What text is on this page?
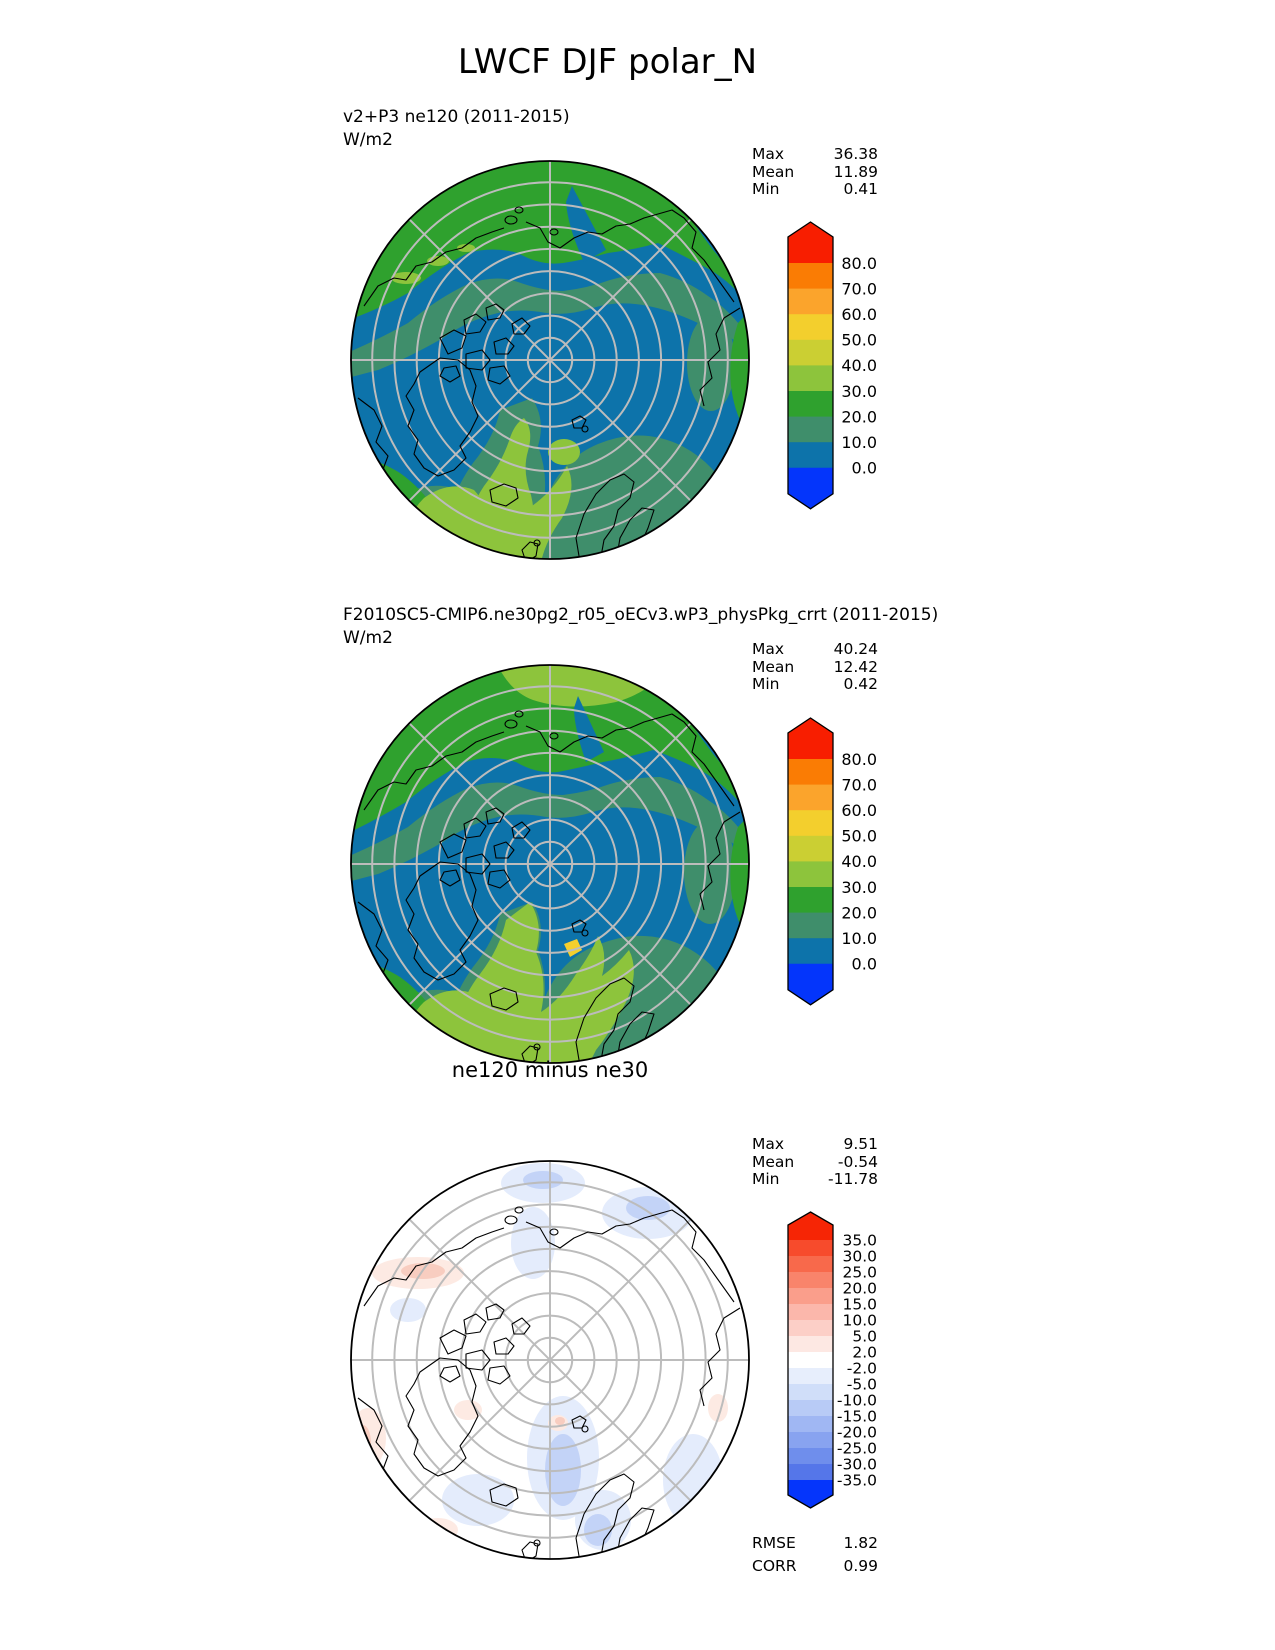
LWCF DJF polar_N
v2+P3 ne120 (2011-2015)
W/m2
Max	36.38
Mean	11.89
Min	0.41
80.0
70.0
60.0
50.0
40.0
30.0
20.0
10.0
0.0
F2010SC5-CMIP6.ne30pg2_r05_oECv3.wP3_physPkg_crrt (2011-2015)
W/m2
Max	40.24
Mean	12.42
Min	0.42
80.0
70.0
60.0
50.0
40.0
30.0
20.0
10.0
0.0
ne120 minus ne30
Max	9.51
Mean	-0.54
Min	-11.78
35.0
30.0
25.0
20.0
15.0
10.0
5.0
2.0
-2.0
-5.0
-10.0
-15.0
-20.0
-25.0
-30.0
-35.0
RMSE	1.82
CORR	0.99
